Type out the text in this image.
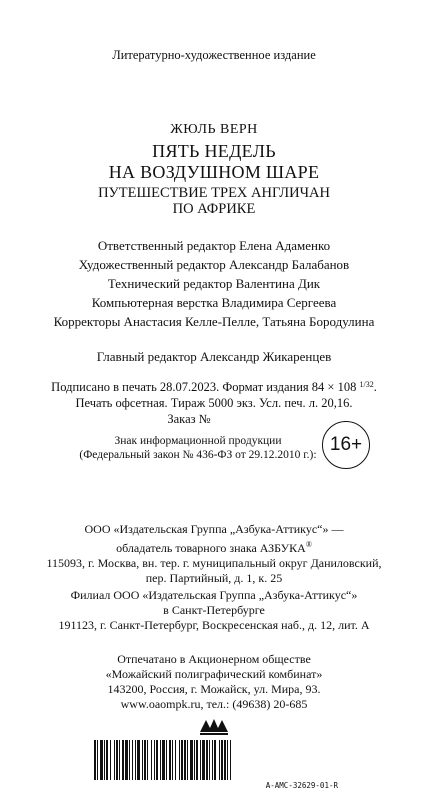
Литературно-художественное издание
ЖЮЛЬ ВЕРН
ПЯТЬ НЕДЕЛЬ
НА ВОЗДУШНОМ ШАРЕ
ПУТЕШЕСТВИЕ ТРЕХ АНГЛИЧАН
ПО АФРИКЕ
Ответственный редактор Елена Адаменко
Художественный редактор Александр Балабанов
Технический редактор Валентина Дик
Компьютерная верстка Владимира Сергеева
Корректоры Анастасия Келле-Пелле, Татьяна Бородулина
Главный редактор Александр Жикаренцев
Подписано в печать 28.07.2023. Формат издания 84 × 108 $^{1/32}$.
Печать офсетная. Тираж 5000 экз. Усл. печ. л. 20,16.
Заказ №
Знак информационной продукции
(Федеральный закон № 436-ФЗ от 29.12.2010 г.): 16+
ООО «Издательская Группа „Азбука-Аттикус“» —
обладатель товарного знака АЗБУКА®
115093, г. Москва, вн. тер. г. муниципальный округ Даниловский,
пер. Партийный, д. 1, к. 25
Филиал ООО «Издательская Группа „Азбука-Аттикус“»
в Санкт-Петербурге
191123, г. Санкт-Петербург, Воскресенская наб., д. 12, лит. А
Отпечатано в Акционерном обществе
«Можайский полиграфический комбинат»
143200, Россия, г. Можайск, ул. Мира, 93.
www.oaompk.ru, тел.: (49638) 20-685
А-АМС-32629-01-R
